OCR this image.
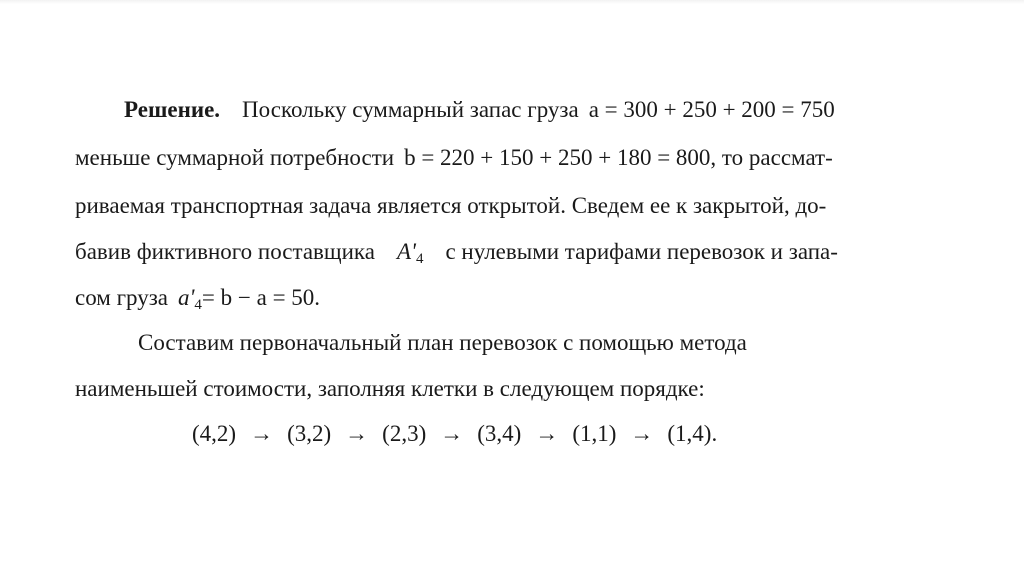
Решение. Поскольку суммарный запас груза a = 300 + 250 + 200 = 750
меньше суммарной потребности b = 220 + 150 + 250 + 180 = 800, то рассмат-
риваемая транспортная задача является открытой. Сведем ее к закрытой, до-
бавив фиктивного поставщика $A'_4$ с нулевыми тарифами перевозок и запа-
сом груза $a'_4= b - a = 50$.
Составим первоначальный план перевозок с помощью метода
наименьшей стоимости, заполняя клетки в следующем порядке:
(4,2) → (3,2) → (2,3) → (3,4) → (1,1) → (1,4).
